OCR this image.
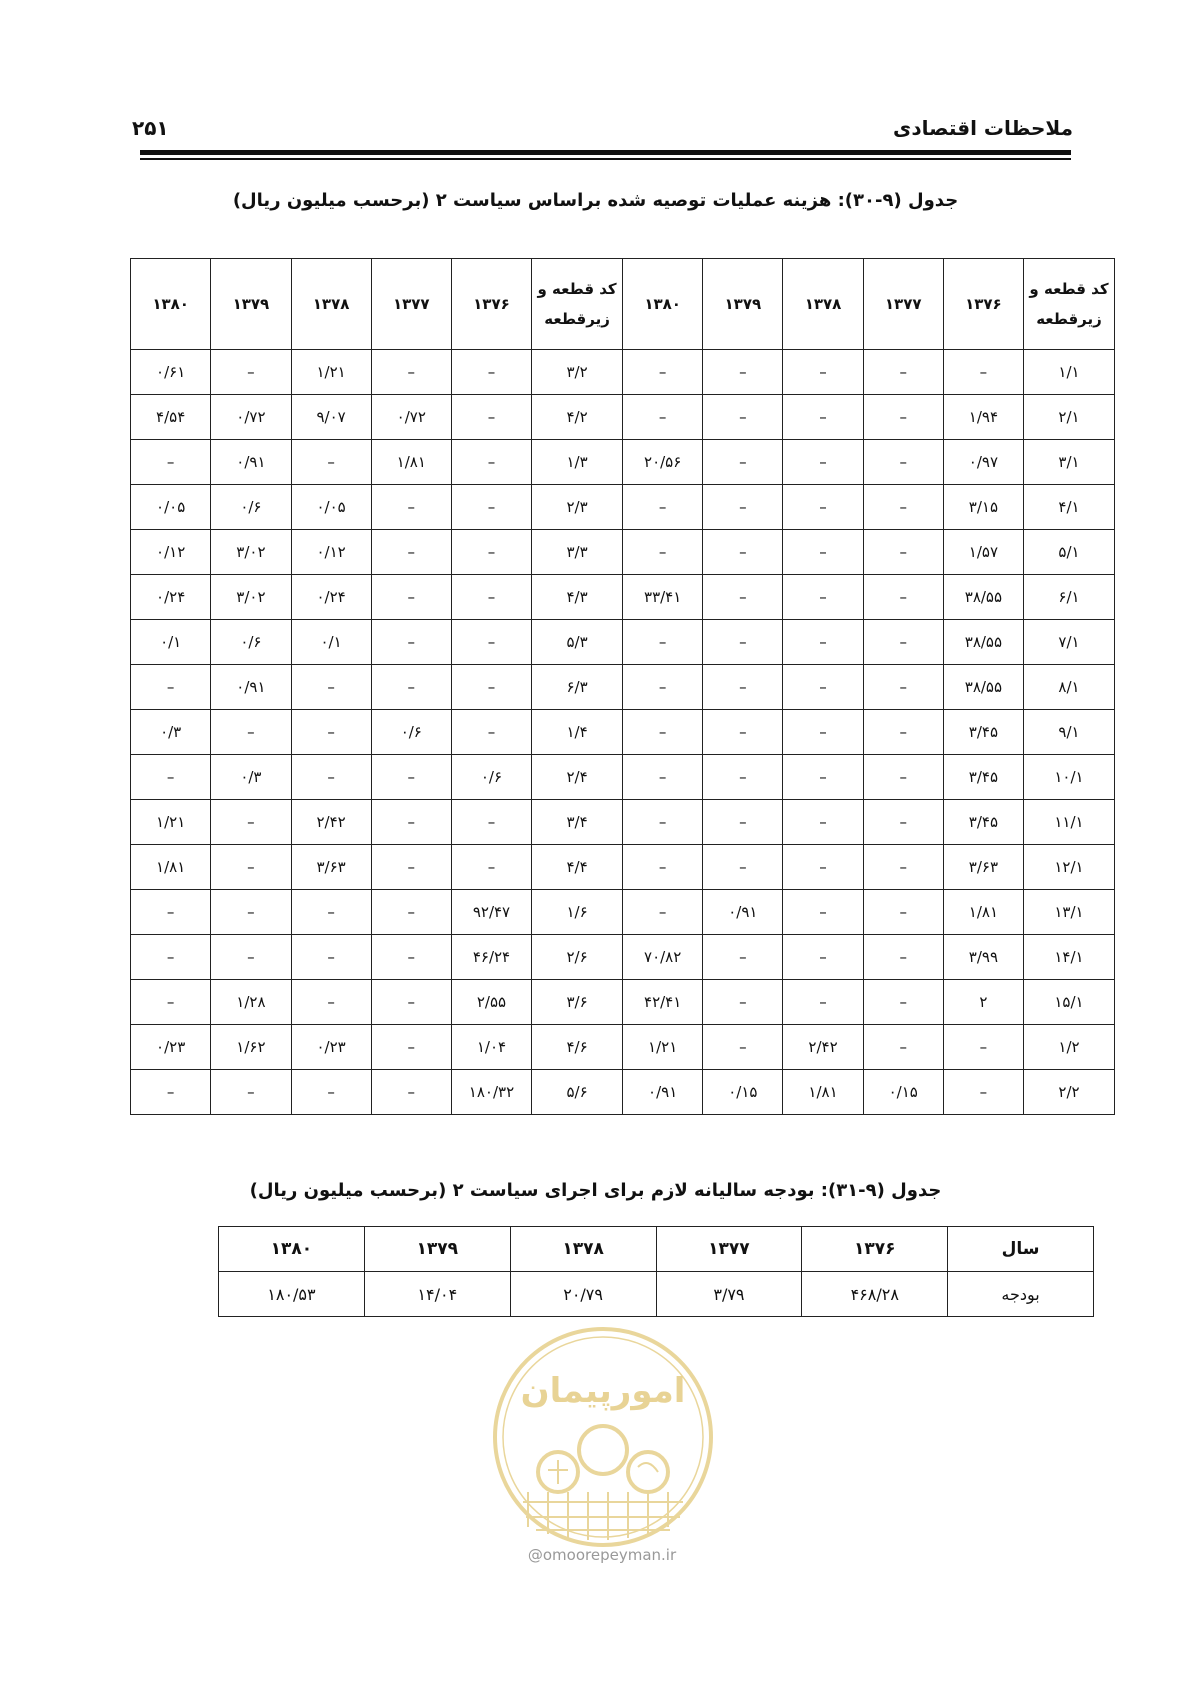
۲۵۱	ملاحظات اقتصادی
جدول (۹-۳۰): هزینه عملیات توصیه شده براساس سیاست ۲ (برحسب میلیون ریال)
کد قطعه و زیرقطعه	۱۳۷۶	۱۳۷۷	۱۳۷۸	۱۳۷۹	۱۳۸۰	کد قطعه و زیرقطعه	۱۳۷۶	۱۳۷۷	۱۳۷۸	۱۳۷۹	۱۳۸۰
۱/۱	–	–	–	–	–	۳/۲	–	–	۱/۲۱	–	۰/۶۱
۲/۱	۱/۹۴	–	–	–	–	۴/۲	–	۰/۷۲	۹/۰۷	۰/۷۲	۴/۵۴
۳/۱	۰/۹۷	–	–	–	۲۰/۵۶	۱/۳	–	۱/۸۱	–	۰/۹۱	–
۴/۱	۳/۱۵	–	–	–	–	۲/۳	–	–	۰/۰۵	۰/۶	۰/۰۵
۵/۱	۱/۵۷	–	–	–	–	۳/۳	–	–	۰/۱۲	۳/۰۲	۰/۱۲
۶/۱	۳۸/۵۵	–	–	–	۳۳/۴۱	۴/۳	–	–	۰/۲۴	۳/۰۲	۰/۲۴
۷/۱	۳۸/۵۵	–	–	–	–	۵/۳	–	–	۰/۱	۰/۶	۰/۱
۸/۱	۳۸/۵۵	–	–	–	–	۶/۳	–	–	–	۰/۹۱	–
۹/۱	۳/۴۵	–	–	–	–	۱/۴	–	۰/۶	–	–	۰/۳
۱۰/۱	۳/۴۵	–	–	–	–	۲/۴	۰/۶	–	–	۰/۳	–
۱۱/۱	۳/۴۵	–	–	–	–	۳/۴	–	–	۲/۴۲	–	۱/۲۱
۱۲/۱	۳/۶۳	–	–	–	–	۴/۴	–	–	۳/۶۳	–	۱/۸۱
۱۳/۱	۱/۸۱	–	–	۰/۹۱	–	۱/۶	۹۲/۴۷	–	–	–	–
۱۴/۱	۳/۹۹	–	–	–	۷۰/۸۲	۲/۶	۴۶/۲۴	–	–	–	–
۱۵/۱	۲	–	–	–	۴۲/۴۱	۳/۶	۲/۵۵	–	–	۱/۲۸	–
۱/۲	–	–	۲/۴۲	–	۱/۲۱	۴/۶	۱/۰۴	–	۰/۲۳	۱/۶۲	۰/۲۳
۲/۲	–	۰/۱۵	۱/۸۱	۰/۱۵	۰/۹۱	۵/۶	۱۸۰/۳۲	–	–	–	–
جدول (۹-۳۱): بودجه سالیانه لازم برای اجرای سیاست ۲ (برحسب میلیون ریال)
سال	۱۳۷۶	۱۳۷۷	۱۳۷۸	۱۳۷۹	۱۳۸۰
بودجه	۴۶۸/۲۸	۳/۷۹	۲۰/۷۹	۱۴/۰۴	۱۸۰/۵۳
امورپیمان
@omoorepeyman.ir
